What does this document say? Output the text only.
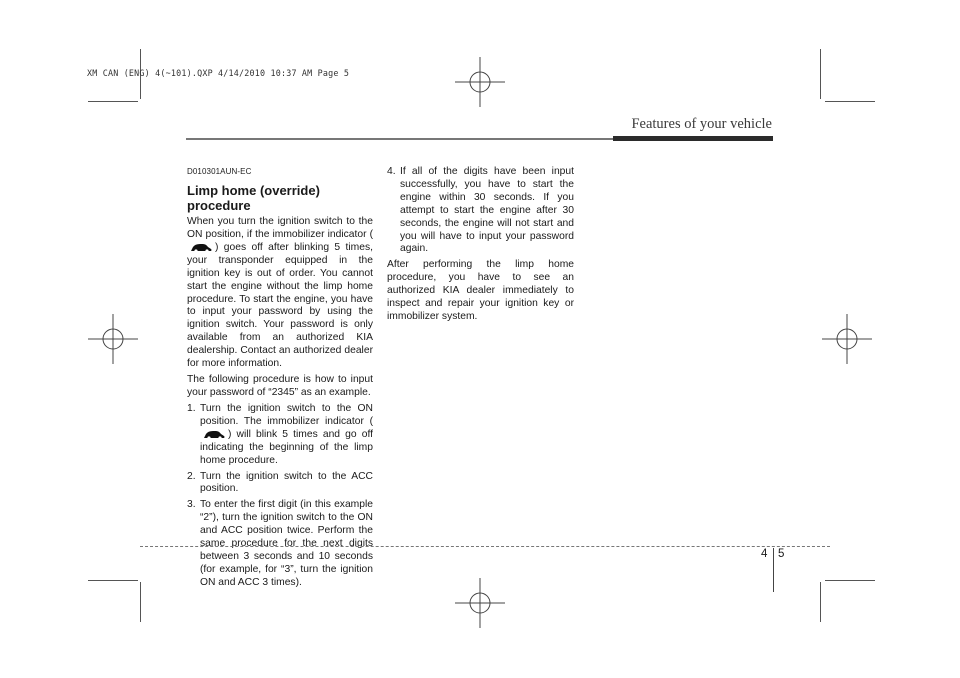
XM CAN (ENG) 4(~101).QXP 4/14/2010 10:37 AM Page 5
Features of your vehicle

D010301AUN-EC

Limp home (override) procedure

When you turn the ignition switch to the ON position, if the immobilizer indicator () goes off after blinking 5 times, your transponder equipped in the ignition key is out of order. You cannot start the engine without the limp home procedure. To start the engine, you have to input your password by using the ignition switch. Your password is only available from an authorized KIA dealership. Contact an authorized dealer for more information.

The following procedure is how to input your password of “2345” as an example.

1. Turn the ignition switch to the ON position. The immobilizer indicator () will blink 5 times and go off indicating the beginning of the limp home procedure.
2. Turn the ignition switch to the ACC position.
3. To enter the first digit (in this example “2”), turn the ignition switch to the ON and ACC position twice. Perform the same procedure for the next digits between 3 seconds and 10 seconds (for example, for “3”, turn the ignition ON and ACC 3 times).
4. If all of the digits have been input successfully, you have to start the engine within 30 seconds. If you attempt to start the engine after 30 seconds, the engine will not start and you will have to input your password again.

After performing the limp home procedure, you have to see an authorized KIA dealer immediately to inspect and repair your ignition key or immobilizer system.

4 5
